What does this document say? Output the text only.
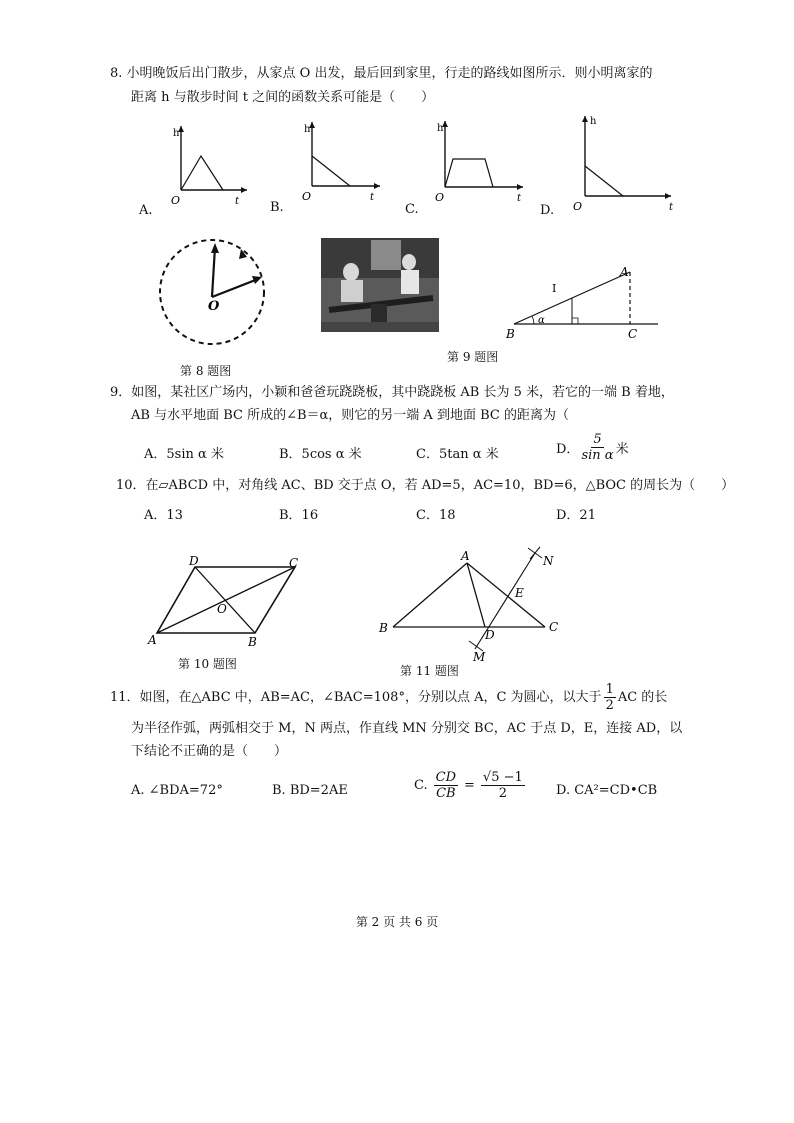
8. 小明晚饭后出门散步，从家点 O 出发，最后回到家里，行走的路线如图所示．则小明离家的
距离 h 与散步时间 t 之间的函数关系可能是（　　）
h
t
O
A.
h
t
O
B.
h
t
O
C.
h
t
O
D.
O
第 8 题图
第 9 题图
I
α
A
B	C
9．如图，某社区广场内，小颖和爸爸玩跷跷板，其中跷跷板 AB 长为 5 米，若它的一端 B 着地，
AB 与水平地面 BC 所成的∠B＝α，则它的另一端 A 到地面 BC 的距离为（
A．5sin α 米	B．5cos α 米	C．5tan α 米	D． $\frac{5}{\text{sin α}}$ 米
10．在▱ABCD 中，对角线 AC、BD 交于点 O，若 AD=5，AC=10，BD=6，△BOC 的周长为（　　）
A．13	B．16	C．18	D．21
D	C
A	B
O
第 10 题图
A
B	C
D
E
M
N
第 11 题图
11．如图，在△ABC 中，AB=AC，∠BAC=108°，分别以点 A，C 为圆心，以大于 $\frac{1}{2}$ AC 的长
为半径作弧，两弧相交于 M，N 两点，作直线 MN 分别交 BC，AC 于点 D，E，连接 AD，以
下结论不正确的是（　　）
A. ∠BDA=72°	B. BD=2AE	C. $\frac{CD}{CB} = \frac{√5 -1}{2} D$. CA²=CD•CB
第 2 页 共 6 页
